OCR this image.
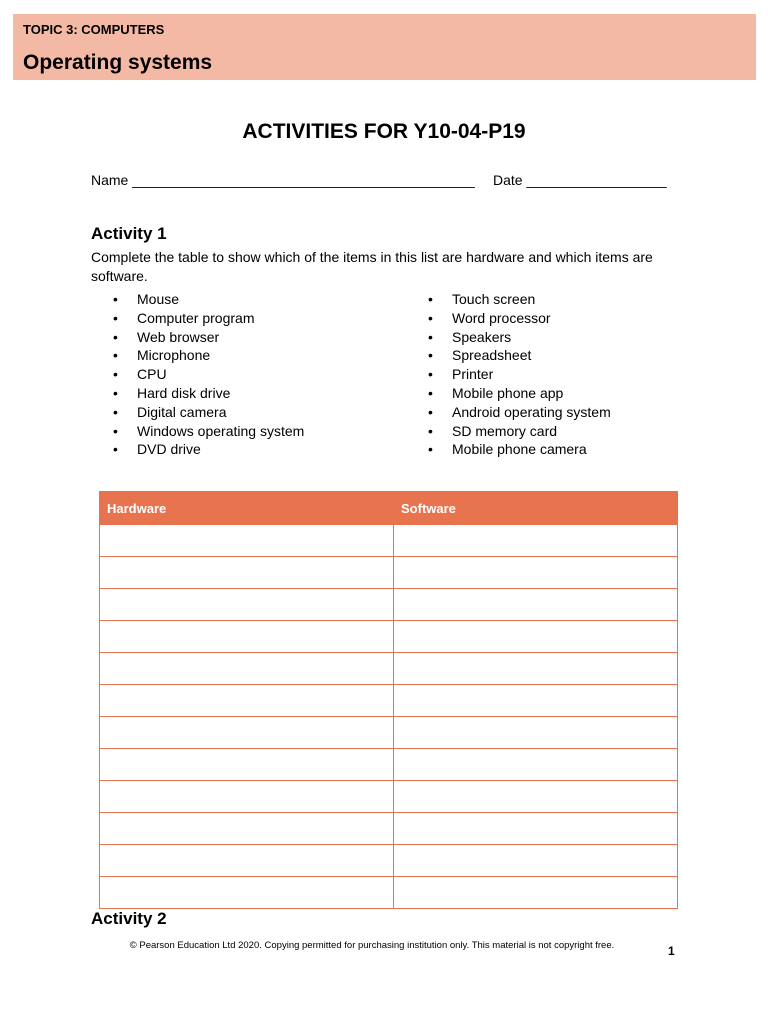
TOPIC 3: COMPUTERS
Operating systems
ACTIVITIES FOR Y10-04-P19
Name ____________________________________________ Date __________________
Activity 1
Complete the table to show which of the items in this list are hardware and which items are software.
• Mouse
• Computer program
• Web browser
• Microphone
• CPU
• Hard disk drive
• Digital camera
• Windows operating system
• DVD drive
• Touch screen
• Word processor
• Speakers
• Spreadsheet
• Printer
• Mobile phone app
• Android operating system
• SD memory card
• Mobile phone camera
Hardware	Software

Activity 2
© Pearson Education Ltd 2020. Copying permitted for purchasing institution only. This material is not copyright free.	1
